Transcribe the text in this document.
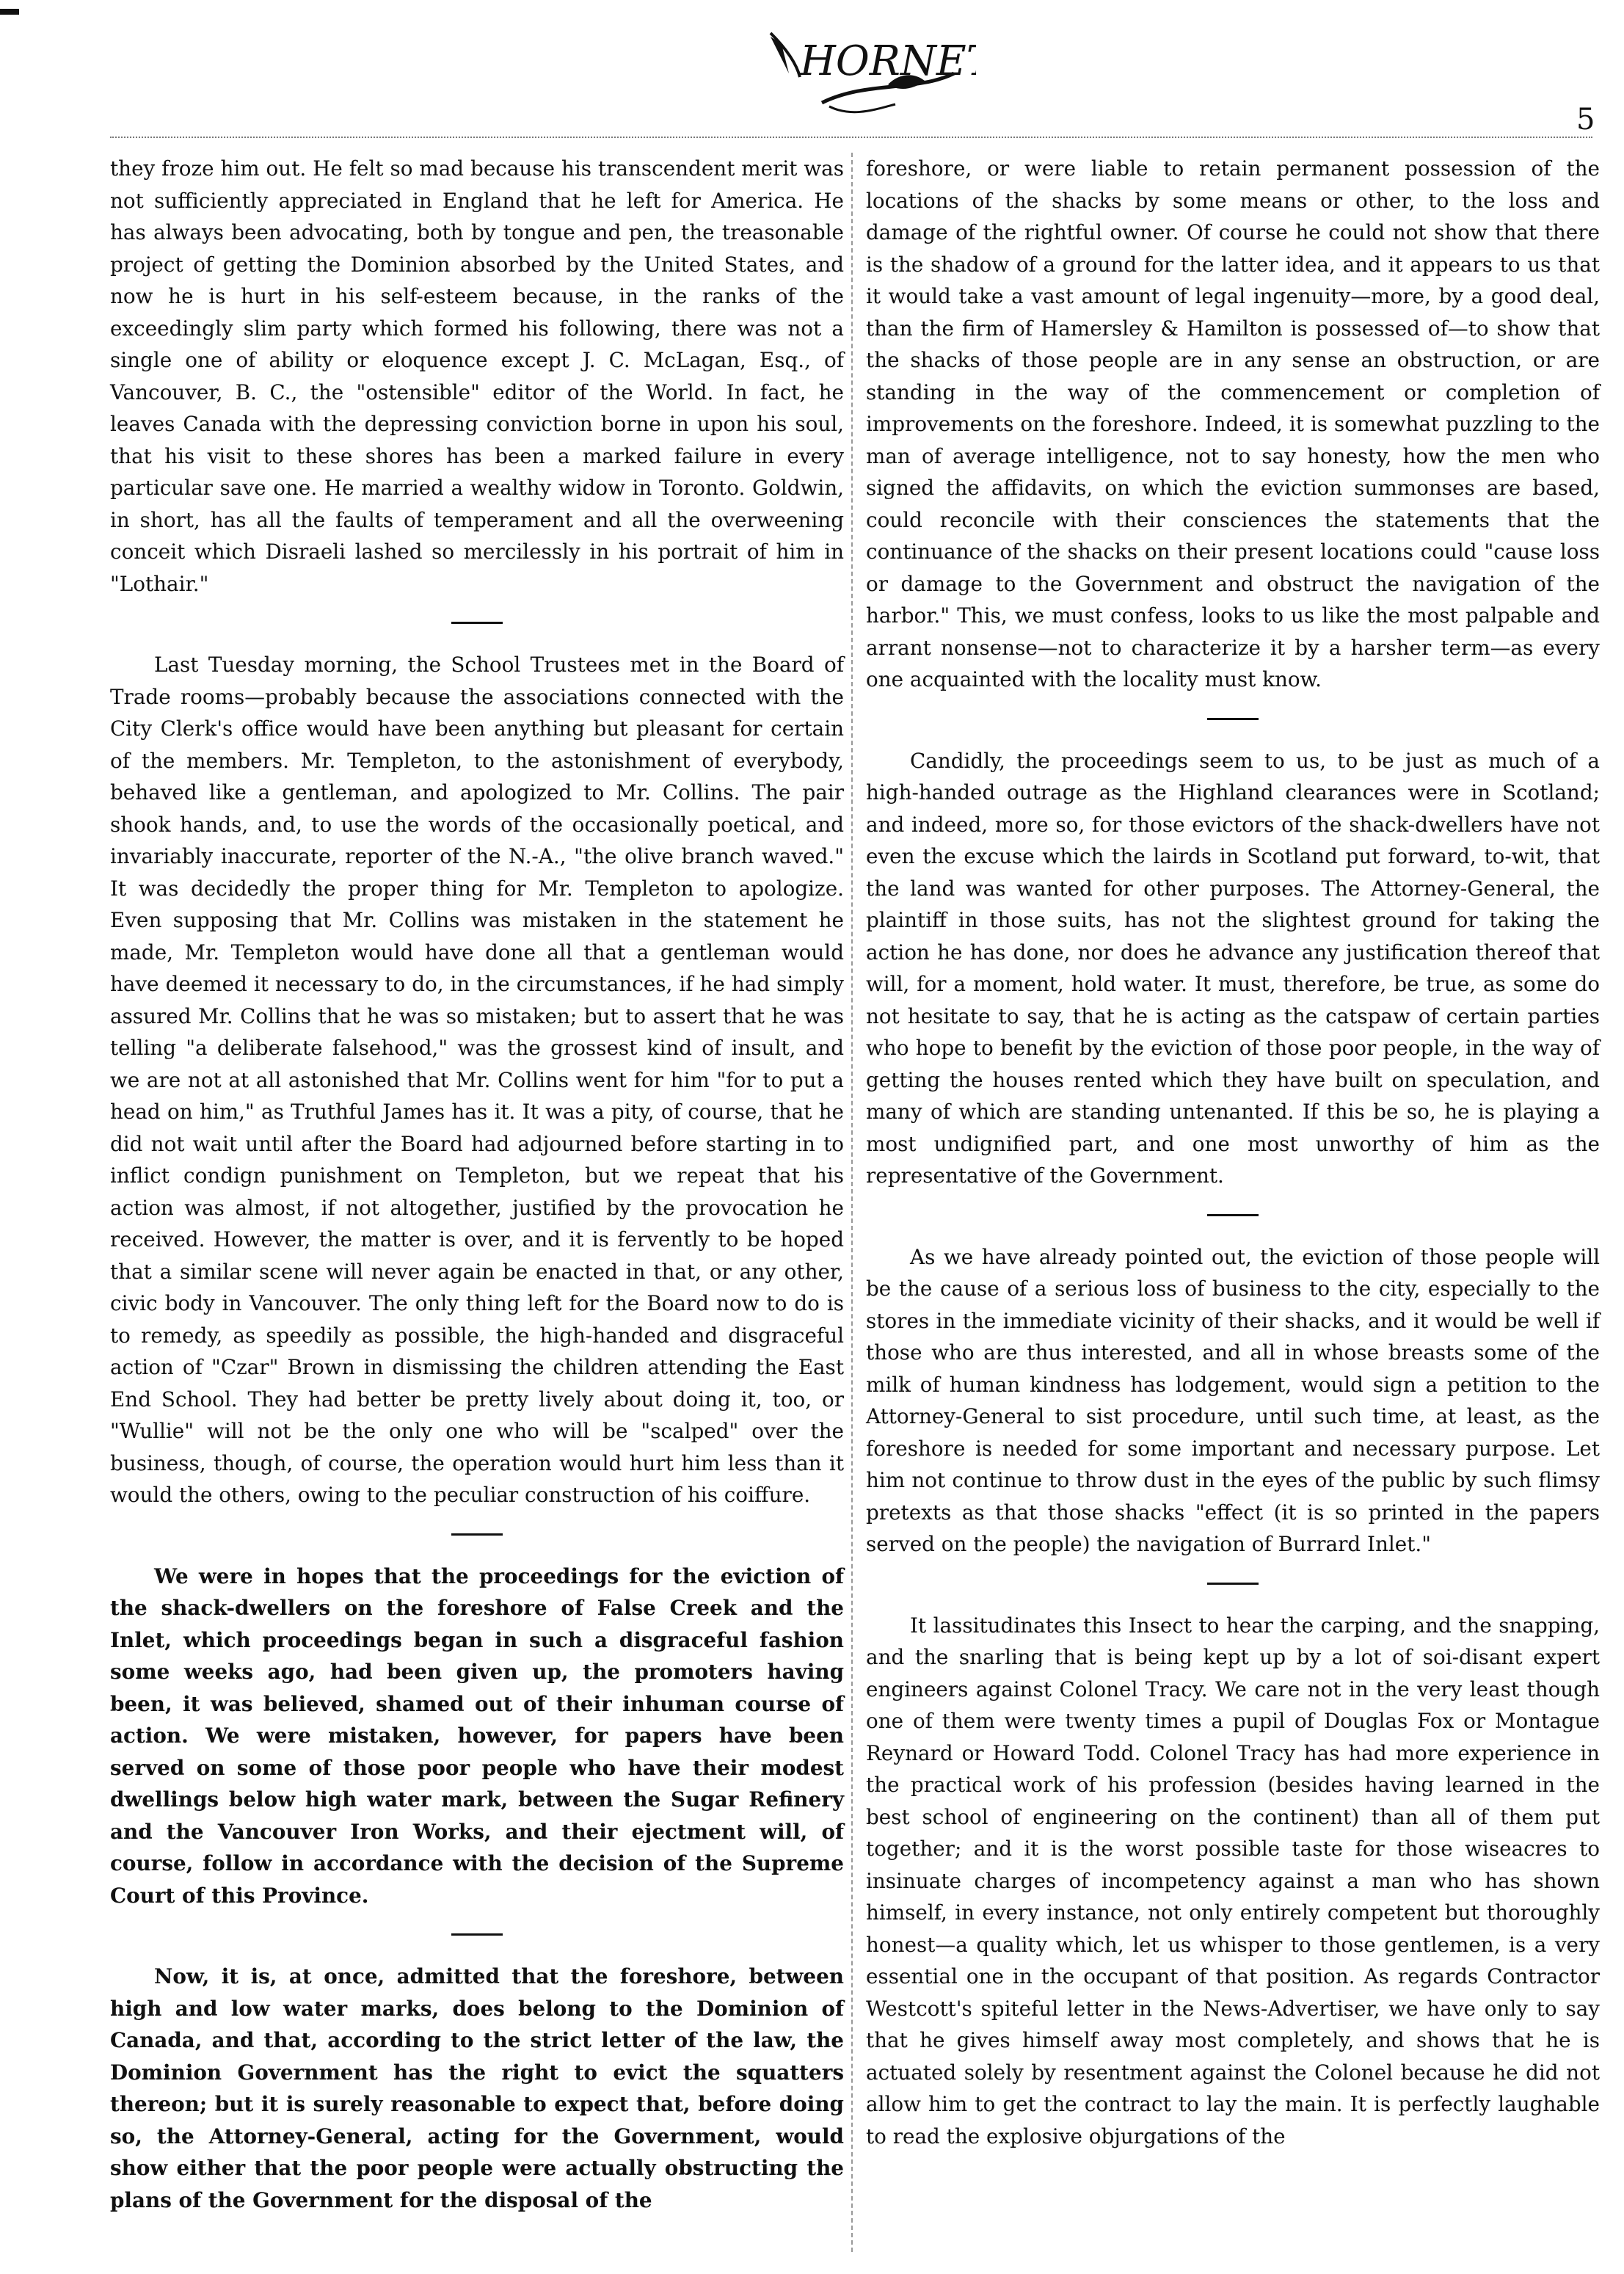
HORNET
5

they froze him out. He felt so mad because his transcendent merit was not sufficiently appreciated in England that he left for America. He has always been advocating, both by tongue and pen, the treasonable project of getting the Dominion absorbed by the United States, and now he is hurt in his self-esteem because, in the ranks of the exceedingly slim party which formed his following, there was not a single one of ability or eloquence except J. C. McLagan, Esq., of Vancouver, B. C., the "ostensible" editor of the World. In fact, he leaves Canada with the depressing conviction borne in upon his soul, that his visit to these shores has been a marked failure in every particular save one. He married a wealthy widow in Toronto. Goldwin, in short, has all the faults of temperament and all the overweening conceit which Disraeli lashed so mercilessly in his portrait of him in "Lothair."

Last Tuesday morning, the School Trustees met in the Board of Trade rooms—probably because the associations connected with the City Clerk's office would have been anything but pleasant for certain of the members. Mr. Templeton, to the astonishment of everybody, behaved like a gentleman, and apologized to Mr. Collins. The pair shook hands, and, to use the words of the occasionally poetical, and invariably inaccurate, reporter of the N.-A., "the olive branch waved." It was decidedly the proper thing for Mr. Templeton to apologize. Even supposing that Mr. Collins was mistaken in the statement he made, Mr. Templeton would have done all that a gentleman would have deemed it necessary to do, in the circumstances, if he had simply assured Mr. Collins that he was so mistaken; but to assert that he was telling "a deliberate falsehood," was the grossest kind of insult, and we are not at all astonished that Mr. Collins went for him "for to put a head on him," as Truthful James has it. It was a pity, of course, that he did not wait until after the Board had adjourned before starting in to inflict condign punishment on Templeton, but we repeat that his action was almost, if not altogether, justified by the provocation he received. However, the matter is over, and it is fervently to be hoped that a similar scene will never again be enacted in that, or any other, civic body in Vancouver. The only thing left for the Board now to do is to remedy, as speedily as possible, the high-handed and disgraceful action of "Czar" Brown in dismissing the children attending the East End School. They had better be pretty lively about doing it, too, or "Wullie" will not be the only one who will be "scalped" over the business, though, of course, the operation would hurt him less than it would the others, owing to the peculiar construction of his coiffure.

We were in hopes that the proceedings for the eviction of the shack-dwellers on the foreshore of False Creek and the Inlet, which proceedings began in such a disgraceful fashion some weeks ago, had been given up, the promoters having been, it was believed, shamed out of their inhuman course of action. We were mistaken, however, for papers have been served on some of those poor people who have their modest dwellings below high water mark, between the Sugar Refinery and the Vancouver Iron Works, and their ejectment will, of course, follow in accordance with the decision of the Supreme Court of this Province.

Now, it is, at once, admitted that the foreshore, between high and low water marks, does belong to the Dominion of Canada, and that, according to the strict letter of the law, the Dominion Government has the right to evict the squatters thereon; but it is surely reasonable to expect that, before doing so, the Attorney-General, acting for the Government, would show either that the poor people were actually obstructing the plans of the Government for the disposal of the

foreshore, or were liable to retain permanent possession of the locations of the shacks by some means or other, to the loss and damage of the rightful owner. Of course he could not show that there is the shadow of a ground for the latter idea, and it appears to us that it would take a vast amount of legal ingenuity—more, by a good deal, than the firm of Hamersley & Hamilton is possessed of—to show that the shacks of those people are in any sense an obstruction, or are standing in the way of the commencement or completion of improvements on the foreshore. Indeed, it is somewhat puzzling to the man of average intelligence, not to say honesty, how the men who signed the affidavits, on which the eviction summonses are based, could reconcile with their consciences the statements that the continuance of the shacks on their present locations could "cause loss or damage to the Government and obstruct the navigation of the harbor." This, we must confess, looks to us like the most palpable and arrant nonsense—not to characterize it by a harsher term—as every one acquainted with the locality must know.

Candidly, the proceedings seem to us, to be just as much of a high-handed outrage as the Highland clearances were in Scotland; and indeed, more so, for those evictors of the shack-dwellers have not even the excuse which the lairds in Scotland put forward, to-wit, that the land was wanted for other purposes. The Attorney-General, the plaintiff in those suits, has not the slightest ground for taking the action he has done, nor does he advance any justification thereof that will, for a moment, hold water. It must, therefore, be true, as some do not hesitate to say, that he is acting as the catspaw of certain parties who hope to benefit by the eviction of those poor people, in the way of getting the houses rented which they have built on speculation, and many of which are standing untenanted. If this be so, he is playing a most undignified part, and one most unworthy of him as the representative of the Government.

As we have already pointed out, the eviction of those people will be the cause of a serious loss of business to the city, especially to the stores in the immediate vicinity of their shacks, and it would be well if those who are thus interested, and all in whose breasts some of the milk of human kindness has lodgement, would sign a petition to the Attorney-General to sist procedure, until such time, at least, as the foreshore is needed for some important and necessary purpose. Let him not continue to throw dust in the eyes of the public by such flimsy pretexts as that those shacks "effect (it is so printed in the papers served on the people) the navigation of Burrard Inlet."

It lassitudinates this Insect to hear the carping, and the snapping, and the snarling that is being kept up by a lot of soi-disant expert engineers against Colonel Tracy. We care not in the very least though one of them were twenty times a pupil of Douglas Fox or Montague Reynard or Howard Todd. Colonel Tracy has had more experience in the practical work of his profession (besides having learned in the best school of engineering on the continent) than all of them put together; and it is the worst possible taste for those wiseacres to insinuate charges of incompetency against a man who has shown himself, in every instance, not only entirely competent but thoroughly honest—a quality which, let us whisper to those gentlemen, is a very essential one in the occupant of that position. As regards Contractor Westcott's spiteful letter in the News-Advertiser, we have only to say that he gives himself away most completely, and shows that he is actuated solely by resentment against the Colonel because he did not allow him to get the contract to lay the main. It is perfectly laughable to read the explosive objurgations of the
